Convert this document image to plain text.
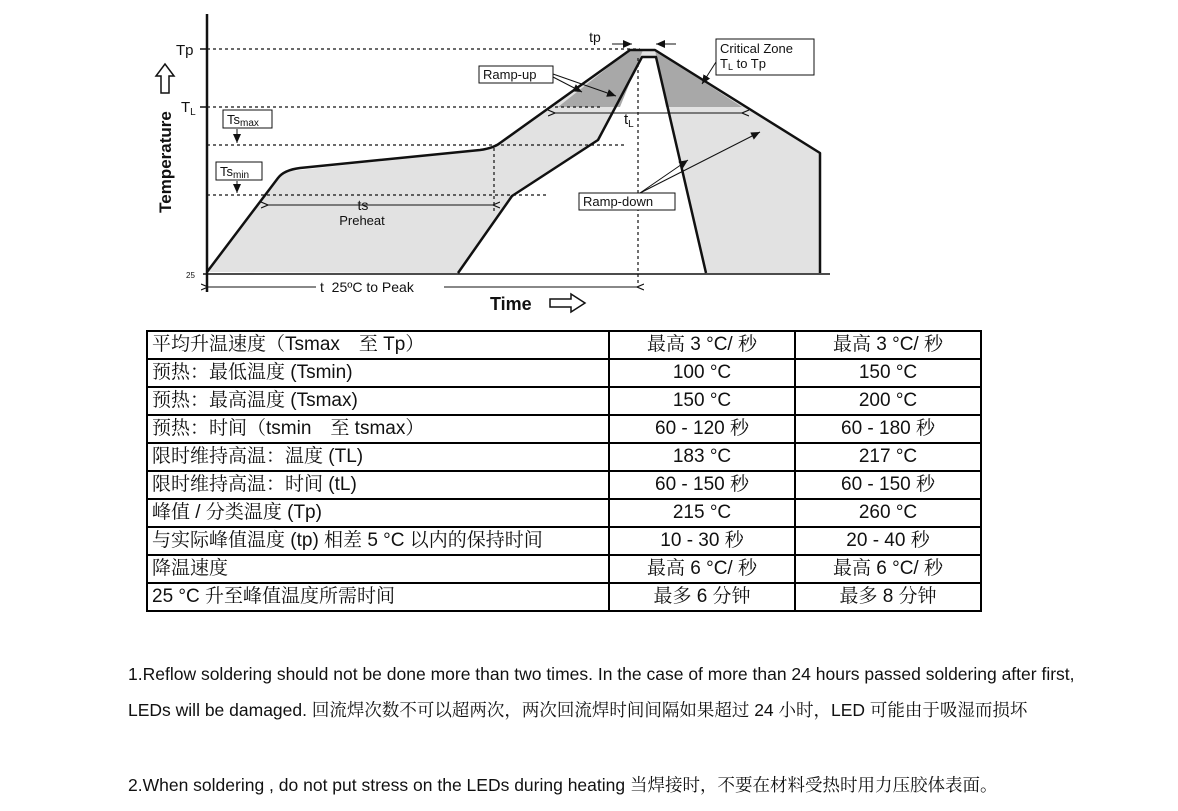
Tp
$T_L$
25
Temperature	Tsmax
Tsmin
ts
Preheat
$t_L$
tp
t  25ºC to Peak
Time
Ramp-up
Critical Zone
TL to Tp
Ramp-down
平均升温速度（Tsmax　至 Tp）	最高 3 °C/ 秒	最高 3 °C/ 秒
预热：最低温度 (Tsmin)	100 °C	150 °C
预热：最高温度 (Tsmax)	150 °C	200 °C
预热：时间（tsmin　至 tsmax）	60 - 120 秒	60 - 180 秒
限时维持高温：温度 (TL)	183 °C	217 °C
限时维持高温：时间 (tL)	60 - 150 秒	60 - 150 秒
峰值 / 分类温度 (Tp)	215 °C	260 °C
与实际峰值温度 (tp) 相差 5 °C 以内的保持时间	10 - 30 秒	20 - 40 秒
降温速度	最高 6 °C/ 秒	最高 6 °C/ 秒
25 °C 升至峰值温度所需时间	最多 6 分钟	最多 8 分钟

1.Reflow soldering should not be done more than two times. In the case of more than 24 hours passed soldering after first, LEDs will be damaged. 回流焊次数不可以超两次，两次回流焊时间间隔如果超过 24 小时，LED 可能由于吸湿而损坏

2.When soldering , do not put stress on the LEDs during heating 当焊接时，不要在材料受热时用力压胶体表面。
